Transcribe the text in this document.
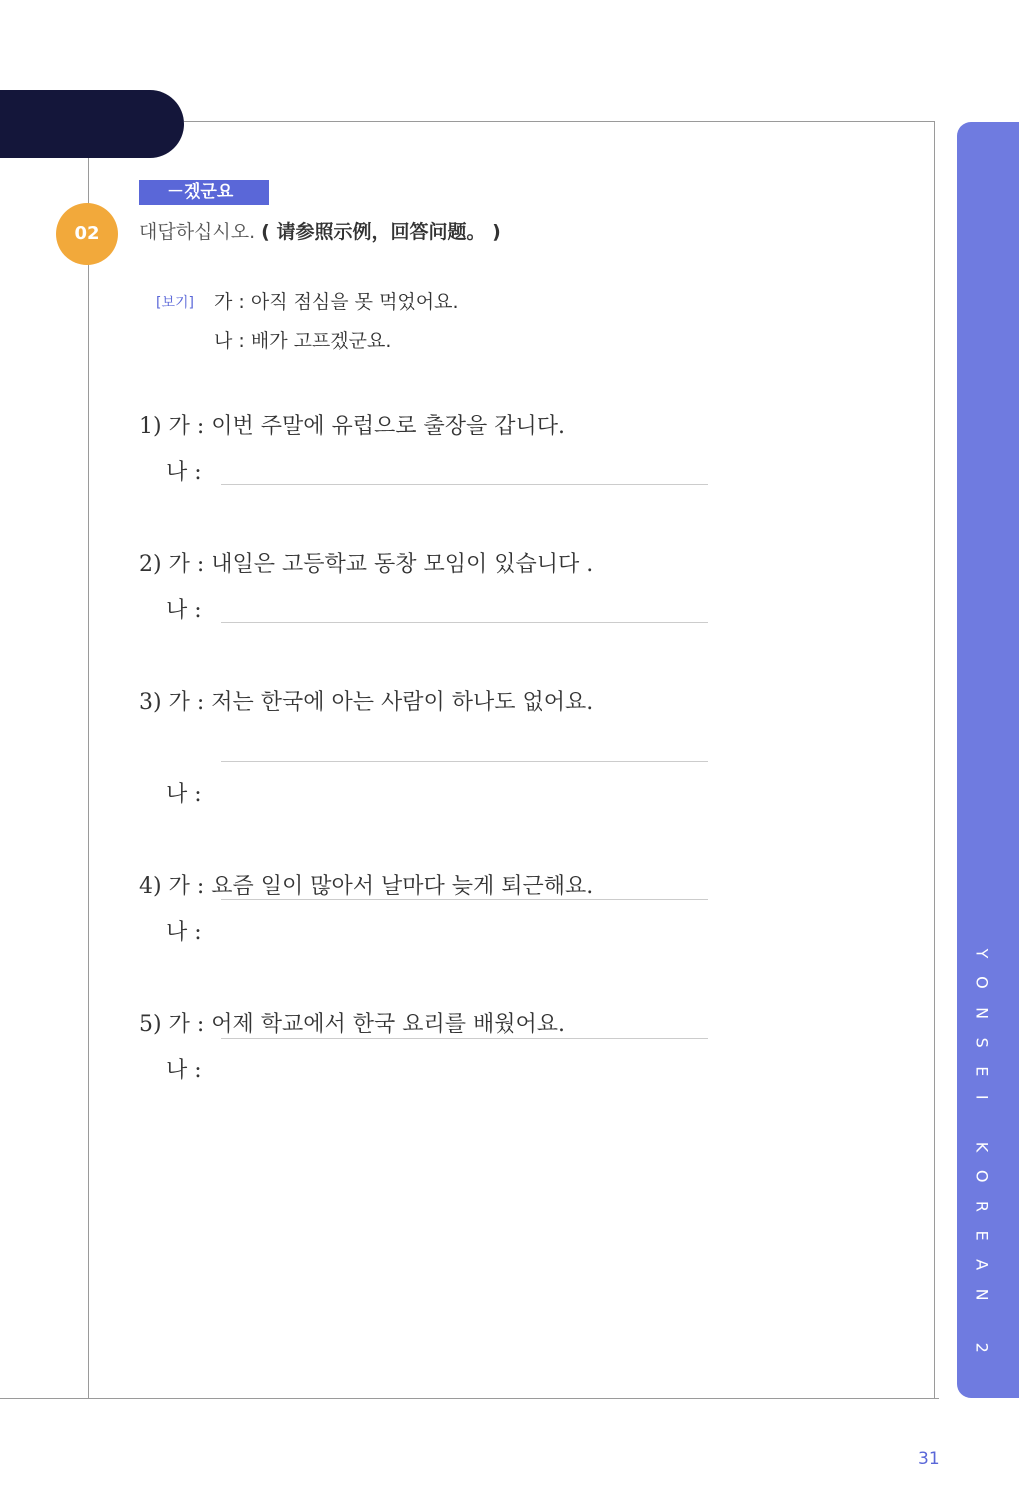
YONSEI KOREAN 2
－겠군요
02	대답하십시오. ( 请参照示例，回答问题。 )
[보기] 가 : 아직 점심을 못 먹었어요.
나 : 배가 고프겠군요.
1) 가 : 이번 주말에 유럽으로 출장을 갑니다.
나 :
2) 가 : 내일은 고등학교 동창 모임이 있습니다 .
나 :
3) 가 : 저는 한국에 아는 사람이 하나도 없어요.
나 :
4) 가 : 요즘 일이 많아서 날마다 늦게 퇴근해요.
나 :
5) 가 : 어제 학교에서 한국 요리를 배웠어요.
나 :
31
